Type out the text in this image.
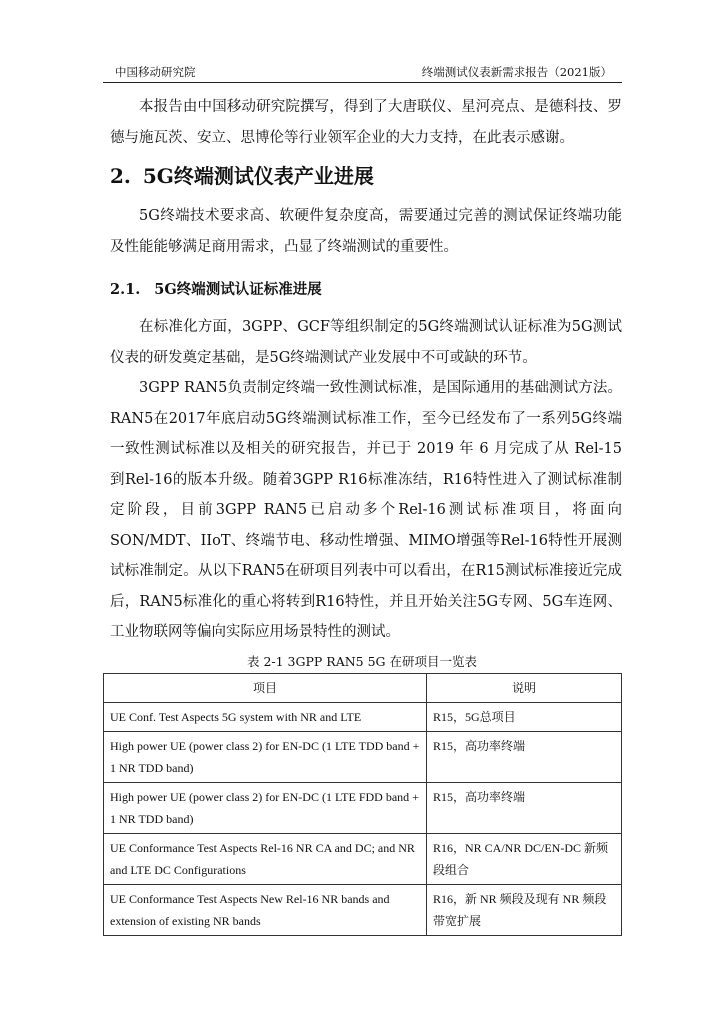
中国移动研究院	终端测试仪表新需求报告（2021版）

本报告由中国移动研究院撰写，得到了大唐联仪、星河亮点、是德科技、罗德与施瓦茨、安立、思博伦等行业领军企业的大力支持，在此表示感谢。

2. 5G终端测试仪表产业进展

5G终端技术要求高、软硬件复杂度高，需要通过完善的测试保证终端功能及性能能够满足商用需求，凸显了终端测试的重要性。

2.1. 5G终端测试认证标准进展

在标准化方面，3GPP、GCF等组织制定的5G终端测试认证标准为5G测试仪表的研发奠定基础，是5G终端测试产业发展中不可或缺的环节。

3GPP RAN5负责制定终端一致性测试标准，是国际通用的基础测试方法。RAN5在2017年底启动5G终端测试标准工作，至今已经发布了一系列5G终端一致性测试标准以及相关的研究报告，并已于 2019 年 6 月完成了从 Rel-15 到Rel-16的版本升级。随着3GPP R16标准冻结，R16特性进入了测试标准制定阶段，目前3GPP RAN5已启动多个Rel-16测试标准项目，将面向SON/MDT、IIoT、终端节电、移动性增强、MIMO增强等Rel-16特性开展测试标准制定。从以下RAN5在研项目列表中可以看出，在R15测试标准接近完成后，RAN5标准化的重心将转到R16特性，并且开始关注5G专网、5G车连网、工业物联网等偏向实际应用场景特性的测试。

表 2-1 3GPP RAN5 5G 在研项目一览表
项目	说明
UE Conf. Test Aspects 5G system with NR and LTE	R15，5G总项目
High power UE (power class 2) for EN-DC (1 LTE TDD band + 1 NR TDD band)	R15，高功率终端
High power UE (power class 2) for EN-DC (1 LTE FDD band + 1 NR TDD band)	R15，高功率终端
UE Conformance Test Aspects Rel-16 NR CA and DC; and NR and LTE DC Configurations	R16，NR CA/NR DC/EN-DC 新频段组合
UE Conformance Test Aspects New Rel-16 NR bands and extension of existing NR bands	R16，新 NR 频段及现有 NR 频段带宽扩展
